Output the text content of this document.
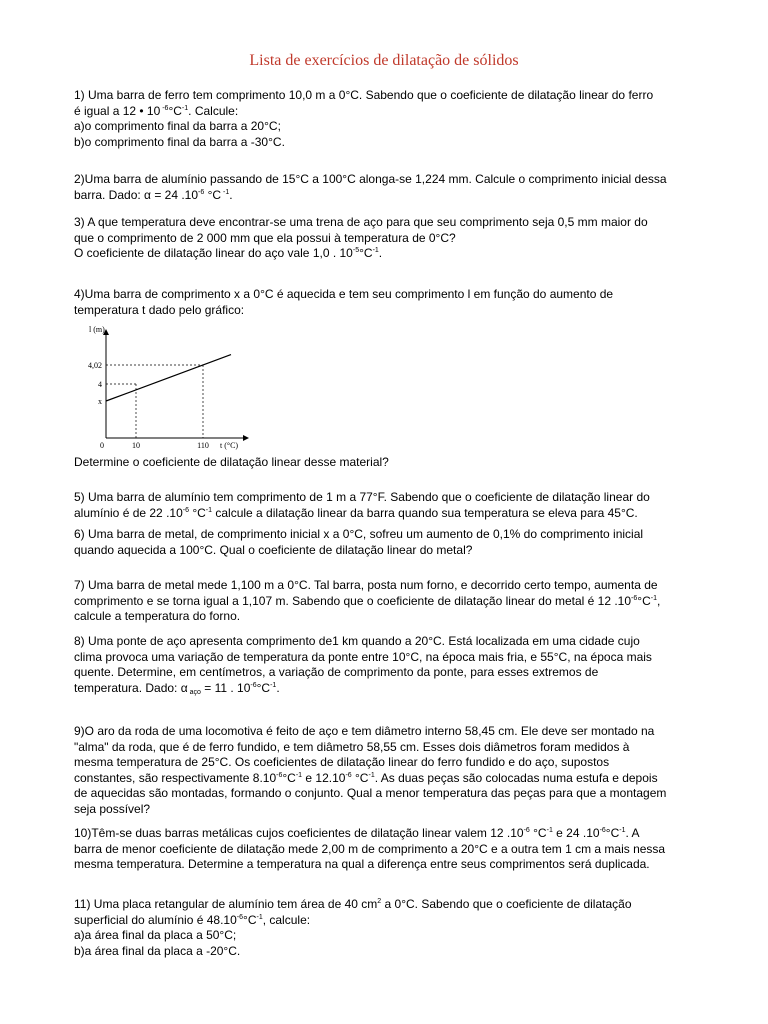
Lista de exercícios de dilatação de sólidos
1) Uma barra de ferro tem comprimento 10,0 m a 0°C. Sabendo que o coeficiente de dilatação linear do ferro
é igual a 12 • 10 $^{-6}^\circ C^{-1}$. Calcule:
a)o comprimento final da barra a 20°C;
b)o comprimento final da barra a -30°C.
2)Uma barra de alumínio passando de 15°C a 100°C alonga-se 1,224 mm. Calcule o comprimento inicial dessa
barra. Dado: α = 24 $.10^{-6}$ °C $^{-1}$.
3) A que temperatura deve encontrar-se uma trena de aço para que seu comprimento seja 0,5 mm maior do
que o comprimento de 2 000 mm que ela possui à temperatura de 0°C?
O coeficiente de dilatação linear do aço vale 1,0 . $10^{-5}^\circ C^{-1}$.
4)Uma barra de comprimento x a 0°C é aquecida e tem seu comprimento l em função do aumento de
temperatura t dado pelo gráfico:
l (m)
t (°C)
0	10	110
x
4
4,02
Determine o coeficiente de dilatação linear desse material?
5) Uma barra de alumínio tem comprimento de 1 m a 77°F. Sabendo que o coeficiente de dilatação linear do
alumínio é de 22 $.10^{-6}$ $^\circ C^{-1}$ calcule a dilatação linear da barra quando sua temperatura se eleva para 45°C.
6) Uma barra de metal, de comprimento inicial x a 0°C, sofreu um aumento de 0,1% do comprimento inicial
quando aquecida a 100°C. Qual o coeficiente de dilatação linear do metal?
7) Uma barra de metal mede 1,100 m a 0°C. Tal barra, posta num forno, e decorrido certo tempo, aumenta de
comprimento e se torna igual a 1,107 m. Sabendo que o coeficiente de dilatação linear do metal é 12 $.10^{-6}^\circ C^{-1}$,
calcule a temperatura do forno.
8) Uma ponte de aço apresenta comprimento de1 km quando a 20°C. Está localizada em uma cidade cujo
clima provoca uma variação de temperatura da ponte entre 10°C, na época mais fria, e 55°C, na época mais
quente. Determine, em centímetros, a variação de comprimento da ponte, para esses extremos de
temperatura. Dado: α $_{aço}$ = 11 . $10^{-6}^\circ C^{-1}$.
9)O aro da roda de uma locomotiva é feito de aço e tem diâmetro interno 58,45 cm. Ele deve ser montado na
"alma" da roda, que é de ferro fundido, e tem diâmetro 58,55 cm. Esses dois diâmetros foram medidos à
mesma temperatura de 25°C. Os coeficientes de dilatação linear do ferro fundido e do aço, supostos
constantes, são respectivamente $8.10^{-6}^\circ C^{-1}$ e $12.10^{-6}$ $^\circ C^{-1}$. As duas peças são colocadas numa estufa e depois
de aquecidas são montadas, formando o conjunto. Qual a menor temperatura das peças para que a montagem
seja possível?
10)Têm-se duas barras metálicas cujos coeficientes de dilatação linear valem 12 $.10^{-6}$ $^\circ C^{-1}$ e 24 $.10^{-6}^\circ C^{-1}$. A
barra de menor coeficiente de dilatação mede 2,00 m de comprimento a 20°C e a outra tem 1 cm a mais nessa
mesma temperatura. Determine a temperatura na qual a diferença entre seus comprimentos será duplicada.
11) Uma placa retangular de alumínio tem área de 40 $cm^2$ a 0°C. Sabendo que o coeficiente de dilatação
superficial do alumínio é $48.10^{-6}^\circ C^{-1}$, calcule:
a)a área final da placa a 50°C;
b)a área final da placa a -20°C.
